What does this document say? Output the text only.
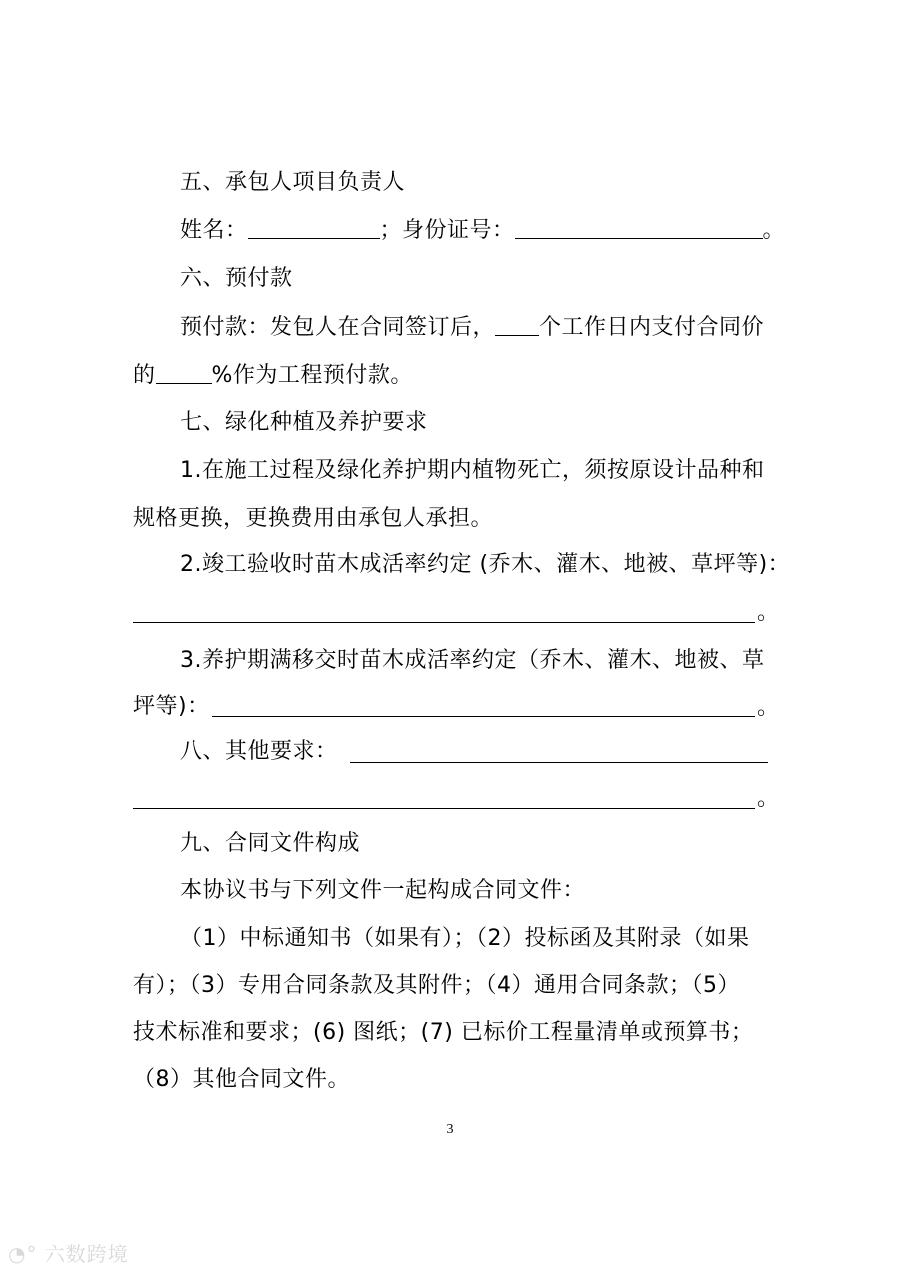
五、承包人项目负责人
姓名：	；身份证号：	。
六、预付款
预付款：发包人在合同签订后， 个工作日内支付合同价
的	%作为工程预付款。
七、绿化种植及养护要求
1.在施工过程及绿化养护期内植物死亡，须按原设计品种和
规格更换，更换费用由承包人承担。
2.竣工验收时苗木成活率约定 (乔木、灌木、地被、草坪等)：
。
3.养护期满移交时苗木成活率约定（乔木、灌木、地被、草
坪等)：	。
八、其他要求：
。
九、合同文件构成
本协议书与下列文件一起构成合同文件：
（1）中标通知书（如果有）；（2）投标函及其附录（如果
有）；（3）专用合同条款及其附件；（4）通用合同条款；（5）
技术标准和要求；(6) 图纸；(7) 已标价工程量清单或预算书；
（8）其他合同文件。
3
◔° 六数跨境
